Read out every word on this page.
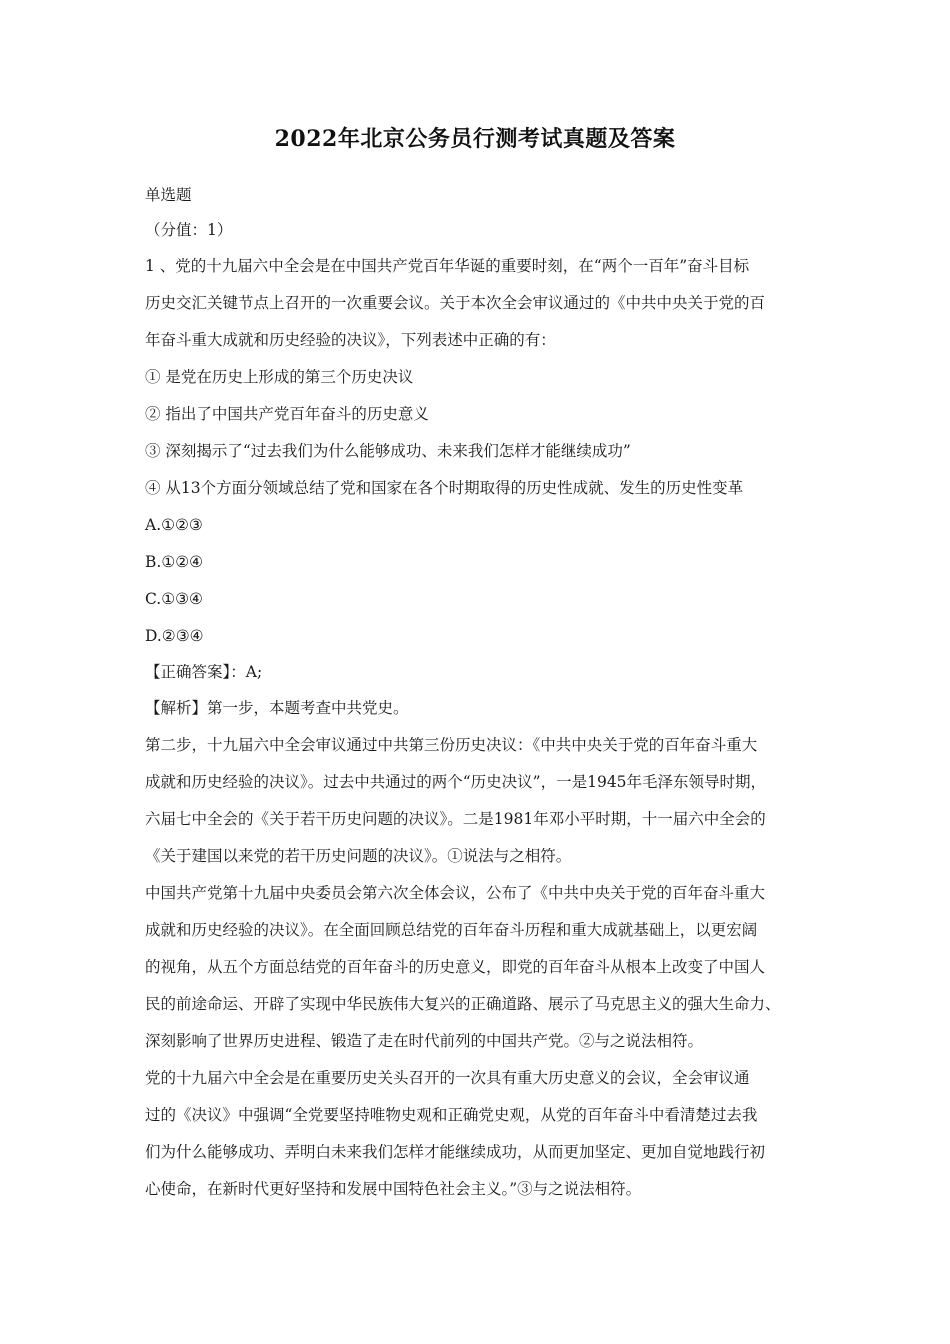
2022年北京公务员行测考试真题及答案
单选题
（分值：1）
1 、党的十九届六中全会是在中国共产党百年华诞的重要时刻，在“两个一百年”奋斗目标
历史交汇关键节点上召开的一次重要会议。关于本次全会审议通过的《中共中央关于党的百
年奋斗重大成就和历史经验的决议》，下列表述中正确的有：
① 是党在历史上形成的第三个历史决议
② 指出了中国共产党百年奋斗的历史意义
③ 深刻揭示了“过去我们为什么能够成功、未来我们怎样才能继续成功”
④ 从13个方面分领域总结了党和国家在各个时期取得的历史性成就、发生的历史性变革
A.①②③
B.①②④
C.①③④
D.②③④
【正确答案】：A;
【解析】第一步，本题考查中共党史。
第二步，十九届六中全会审议通过中共第三份历史决议：《中共中央关于党的百年奋斗重大
成就和历史经验的决议》。过去中共通过的两个“历史决议”，一是1945年毛泽东领导时期，
六届七中全会的《关于若干历史问题的决议》。二是1981年邓小平时期，十一届六中全会的
《关于建国以来党的若干历史问题的决议》。①说法与之相符。
中国共产党第十九届中央委员会第六次全体会议，公布了《中共中央关于党的百年奋斗重大
成就和历史经验的决议》。在全面回顾总结党的百年奋斗历程和重大成就基础上，以更宏阔
的视角，从五个方面总结党的百年奋斗的历史意义，即党的百年奋斗从根本上改变了中国人
民的前途命运、开辟了实现中华民族伟大复兴的正确道路、展示了马克思主义的强大生命力、
深刻影响了世界历史进程、锻造了走在时代前列的中国共产党。②与之说法相符。
党的十九届六中全会是在重要历史关头召开的一次具有重大历史意义的会议，全会审议通
过的《决议》中强调“全党要坚持唯物史观和正确党史观，从党的百年奋斗中看清楚过去我
们为什么能够成功、弄明白未来我们怎样才能继续成功，从而更加坚定、更加自觉地践行初
心使命，在新时代更好坚持和发展中国特色社会主义。”③与之说法相符。
